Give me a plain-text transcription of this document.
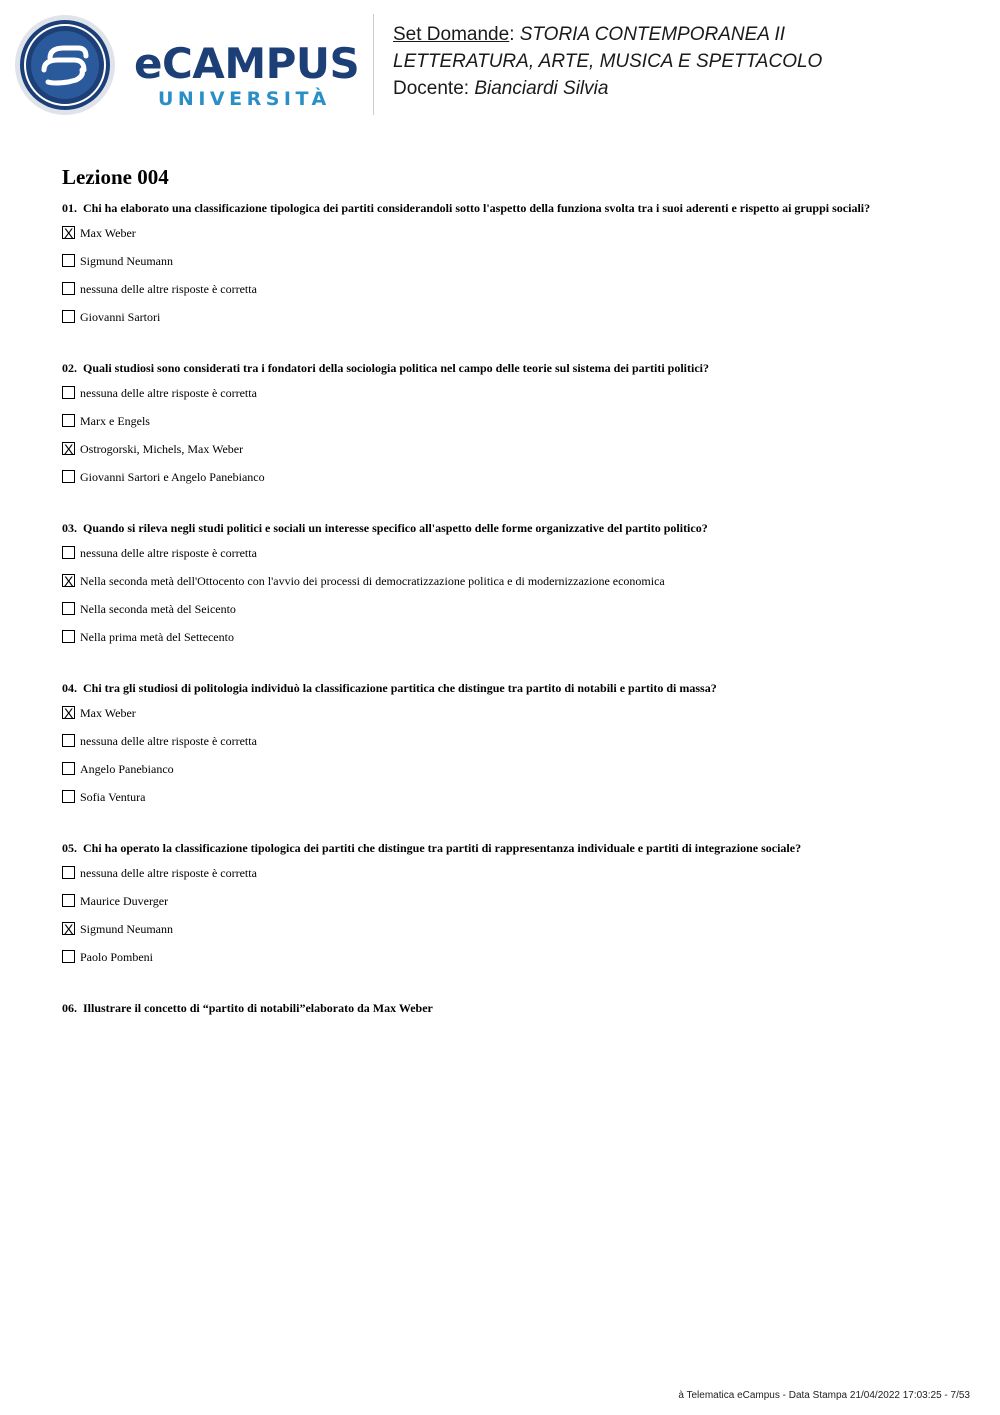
eCAMPUS
UNIVERSITÀ
Set Domande: STORIA CONTEMPORANEA II
LETTERATURA, ARTE, MUSICA E SPETTACOLO
Docente: Bianciardi Silvia
Lezione 004
01. Chi ha elaborato una classificazione tipologica dei partiti considerandoli sotto l'aspetto della funziona svolta tra i suoi aderenti e rispetto ai gruppi sociali?
X Max Weber
Sigmund Neumann
nessuna delle altre risposte è corretta
Giovanni Sartori
02. Quali studiosi sono considerati tra i fondatori della sociologia politica nel campo delle teorie sul sistema dei partiti politici?
nessuna delle altre risposte è corretta
Marx e Engels
X Ostrogorski, Michels, Max Weber
Giovanni Sartori e Angelo Panebianco
03. Quando si rileva negli studi politici e sociali un interesse specifico all'aspetto delle forme organizzative del partito politico?
nessuna delle altre risposte è corretta
X Nella seconda metà dell'Ottocento con l'avvio dei processi di democratizzazione politica e di modernizzazione economica
Nella seconda metà del Seicento
Nella prima metà del Settecento
04. Chi tra gli studiosi di politologia individuò la classificazione partitica che distingue tra partito di notabili e partito di massa?
X Max Weber
nessuna delle altre risposte è corretta
Angelo Panebianco
Sofia Ventura
05. Chi ha operato la classificazione tipologica dei partiti che distingue tra partiti di rappresentanza individuale e partiti di integrazione sociale?
nessuna delle altre risposte è corretta
Maurice Duverger
X Sigmund Neumann
Paolo Pombeni
06. Illustrare il concetto di “partito di notabili”elaborato da Max Weber
à Telematica eCampus - Data Stampa 21/04/2022 17:03:25 - 7/53
